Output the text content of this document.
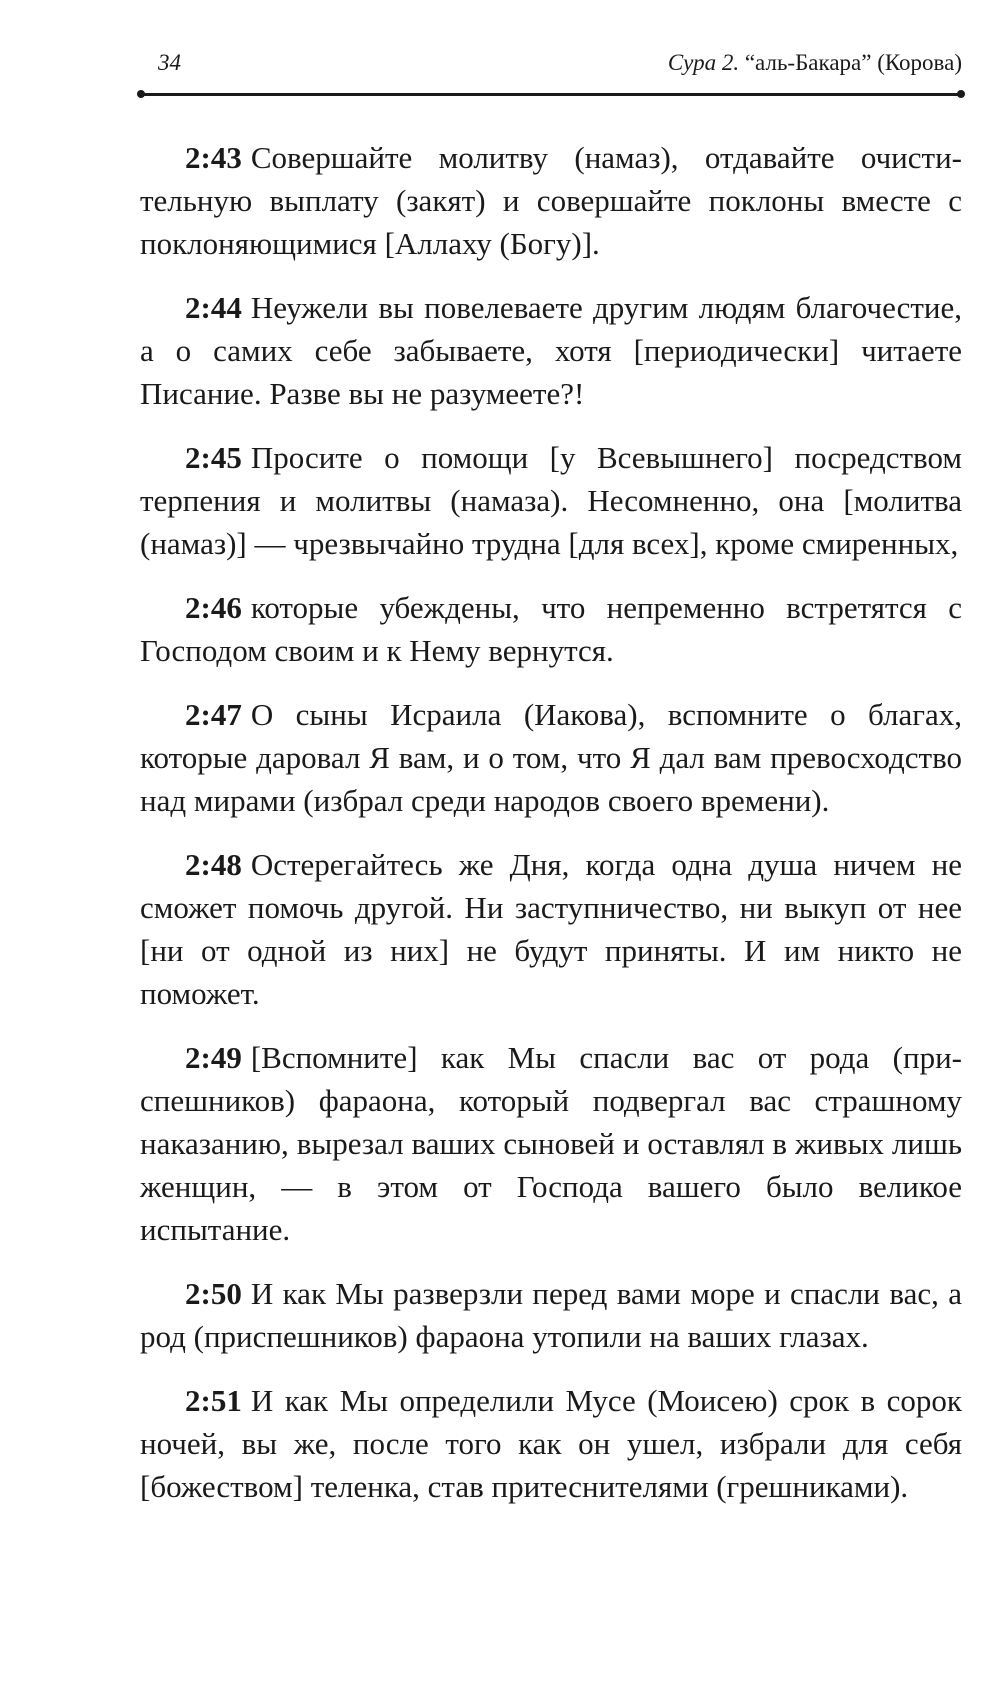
34	Сура 2. “аль-Бакара” (Корова)

2:43 Совершайте молитву (намаз), отдавайте очистительную выплату (закят) и совершайте поклоны вместе с поклоняющимися [Аллаху (Богу)].

2:44 Неужели вы повелеваете другим людям благочестие, а о самих себе забываете, хотя [периодически] читаете Писание. Разве вы не разумеете?!

2:45 Просите о помощи [у Всевышнего] посредством терпения и молитвы (намаза). Несомненно, она [молитва (намаз)] — чрезвычайно трудна [для всех], кроме смиренных,

2:46 которые убеждены, что непременно встретятся с Господом своим и к Нему вернутся.

2:47 О сыны Исраила (Иакова), вспомните о благах, которые даровал Я вам, и о том, что Я дал вам превосходство над мирами (избрал среди народов своего времени).

2:48 Остерегайтесь же Дня, когда одна душа ничем не сможет помочь другой. Ни заступничество, ни выкуп от нее [ни от одной из них] не будут приняты. И им никто не поможет.

2:49 [Вспомните] как Мы спасли вас от рода (приспешников) фараона, который подвергал вас страшному наказанию, вырезал ваших сыновей и оставлял в живых лишь женщин, — в этом от Господа вашего было великое испытание.

2:50 И как Мы разверзли перед вами море и спасли вас, а род (приспешников) фараона утопили на ваших глазах.

2:51 И как Мы определили Мусе (Моисею) срок в сорок ночей, вы же, после того как он ушел, избрали для себя [божеством] теленка, став притеснителями (грешниками).
